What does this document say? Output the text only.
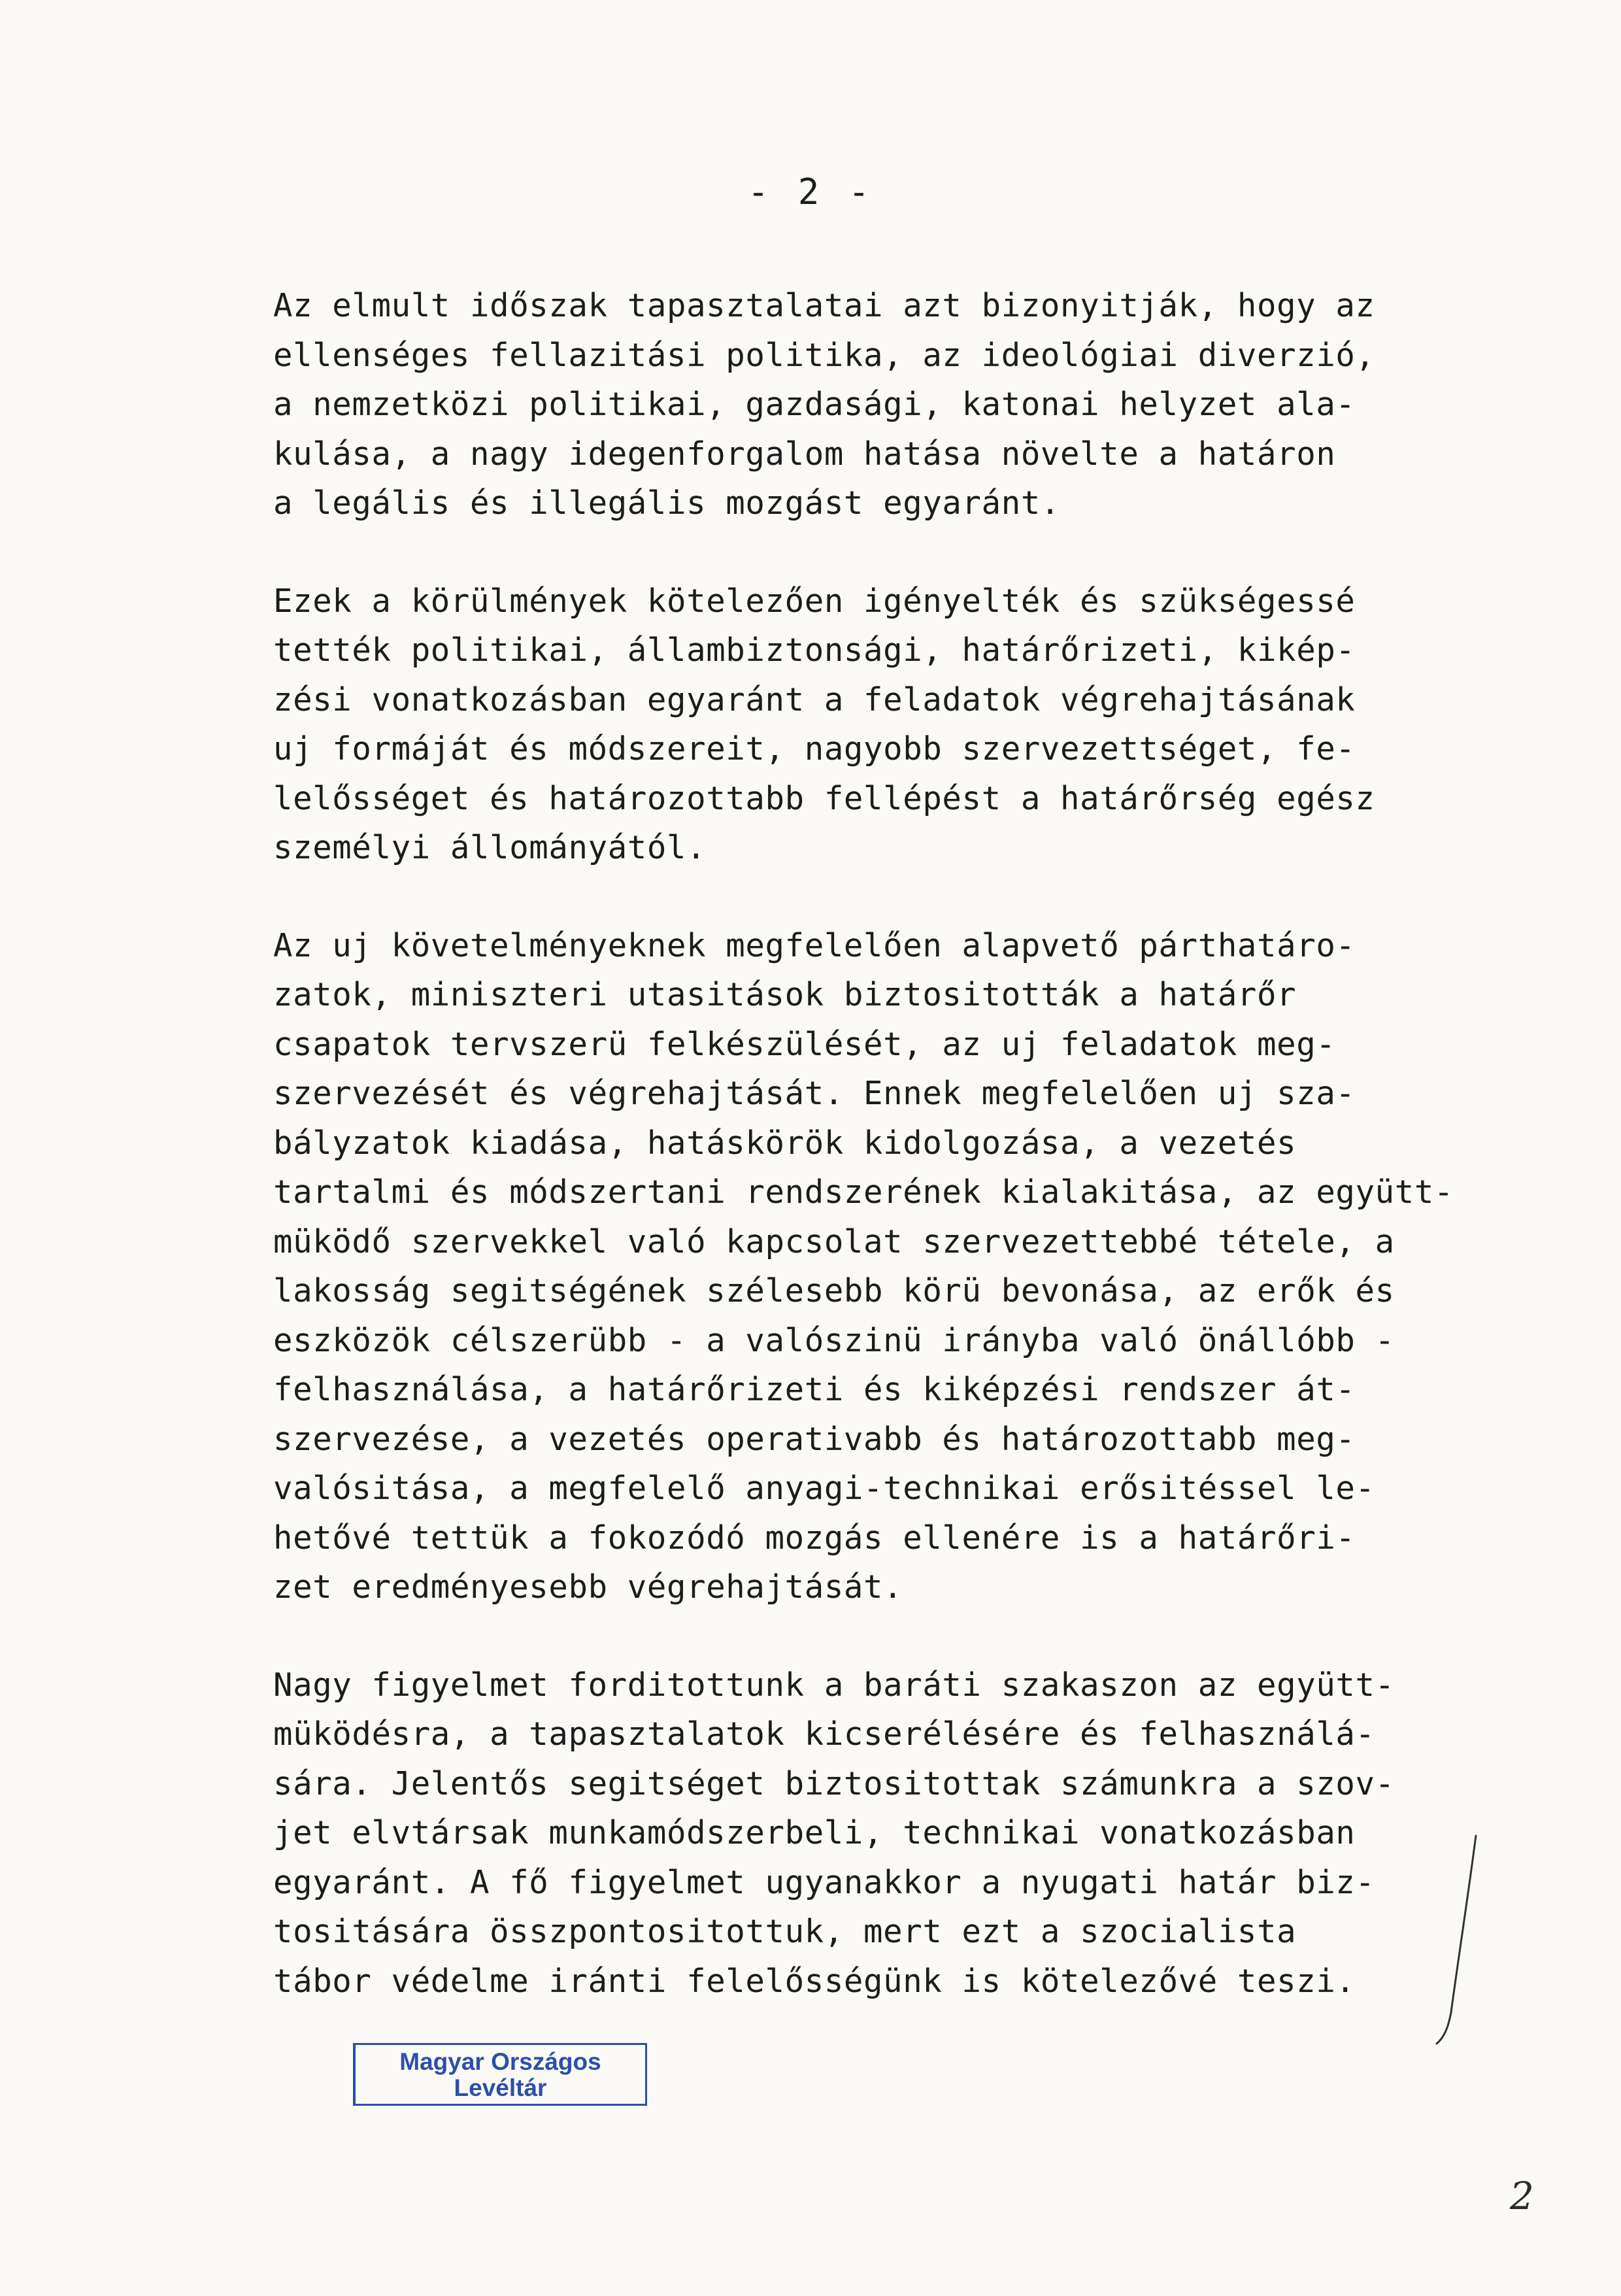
- 2 -
Az elmult időszak tapasztalatai azt bizonyitják, hogy az
ellenséges fellazitási politika, az ideológiai diverzió,
a nemzetközi politikai, gazdasági, katonai helyzet ala-
kulása, a nagy idegenforgalom hatása növelte a határon
a legális és illegális mozgást egyaránt.
Ezek a körülmények kötelezően igényelték és szükségessé
tették politikai, állambiztonsági, határőrizeti, kikép-
zési vonatkozásban egyaránt a feladatok végrehajtásának
uj formáját és módszereit, nagyobb szervezettséget, fe-
lelősséget és határozottabb fellépést a határőrség egész
személyi állományától.
Az uj követelményeknek megfelelően alapvető párthatáro-
zatok, miniszteri utasitások biztositották a határőr
csapatok tervszerü felkészülését, az uj feladatok meg-
szervezését és végrehajtását. Ennek megfelelően uj sza-
bályzatok kiadása, hatáskörök kidolgozása, a vezetés
tartalmi és módszertani rendszerének kialakitása, az együtt-
müködő szervekkel való kapcsolat szervezettebbé tétele, a
lakosság segitségének szélesebb körü bevonása, az erők és
eszközök célszerübb - a valószinü irányba való önállóbb -
felhasználása, a határőrizeti és kiképzési rendszer át-
szervezése, a vezetés operativabb és határozottabb meg-
valósitása, a megfelelő anyagi-technikai erősitéssel le-
hetővé tettük a fokozódó mozgás ellenére is a határőri-
zet eredményesebb végrehajtását.
Nagy figyelmet forditottunk a baráti szakaszon az együtt-
müködésra, a tapasztalatok kicserélésére és felhasználá-
sára. Jelentős segitséget biztositottak számunkra a szov-
jet elvtársak munkamódszerbeli, technikai vonatkozásban
egyaránt. A fő figyelmet ugyanakkor a nyugati határ biz-
tositására összpontositottuk, mert ezt a szocialista
tábor védelme iránti felelősségünk is kötelezővé teszi.
Magyar Országos
Levéltár
2
